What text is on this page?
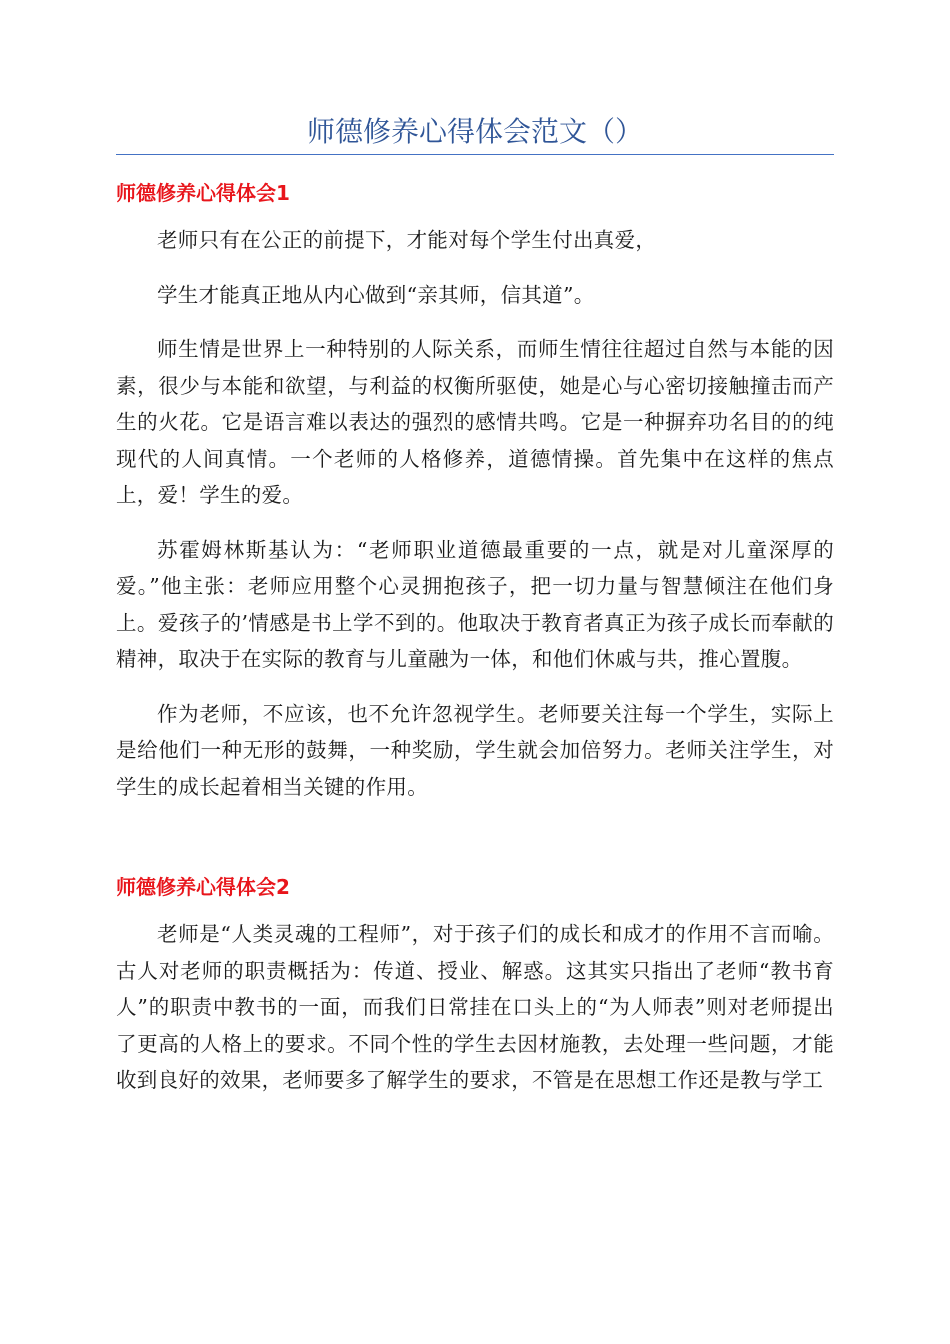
师德修养心得体会范文（）
师德修养心得体会1

老师只有在公正的前提下，才能对每个学生付出真爱，

学生才能真正地从内心做到“亲其师，信其道”。

师生情是世界上一种特别的人际关系，而师生情往往超过自然与本能的因素，很少与本能和欲望，与利益的权衡所驱使，她是心与心密切接触撞击而产生的火花。它是语言难以表达的强烈的感情共鸣。它是一种摒弃功名目的的纯现代的人间真情。一个老师的人格修养，道德情操。首先集中在这样的焦点上，爱！学生的爱。

苏霍姆林斯基认为：“老师职业道德最重要的一点，就是对儿童深厚的爱。”他主张：老师应用整个心灵拥抱孩子，把一切力量与智慧倾注在他们身上。爱孩子的’情感是书上学不到的。他取决于教育者真正为孩子成长而奉献的精神，取决于在实际的教育与儿童融为一体，和他们休戚与共，推心置腹。

作为老师，不应该，也不允许忽视学生。老师要关注每一个学生，实际上是给他们一种无形的鼓舞，一种奖励，学生就会加倍努力。老师关注学生，对学生的成长起着相当关键的作用。

师德修养心得体会2

老师是“人类灵魂的工程师”，对于孩子们的成长和成才的作用不言而喻。古人对老师的职责概括为：传道、授业、解惑。这其实只指出了老师“教书育人”的职责中教书的一面，而我们日常挂在口头上的“为人师表”则对老师提出了更高的人格上的要求。不同个性的学生去因材施教，去处理一些问题，才能收到良好的效果，老师要多了解学生的要求，不管是在思想工作还是教与学工
